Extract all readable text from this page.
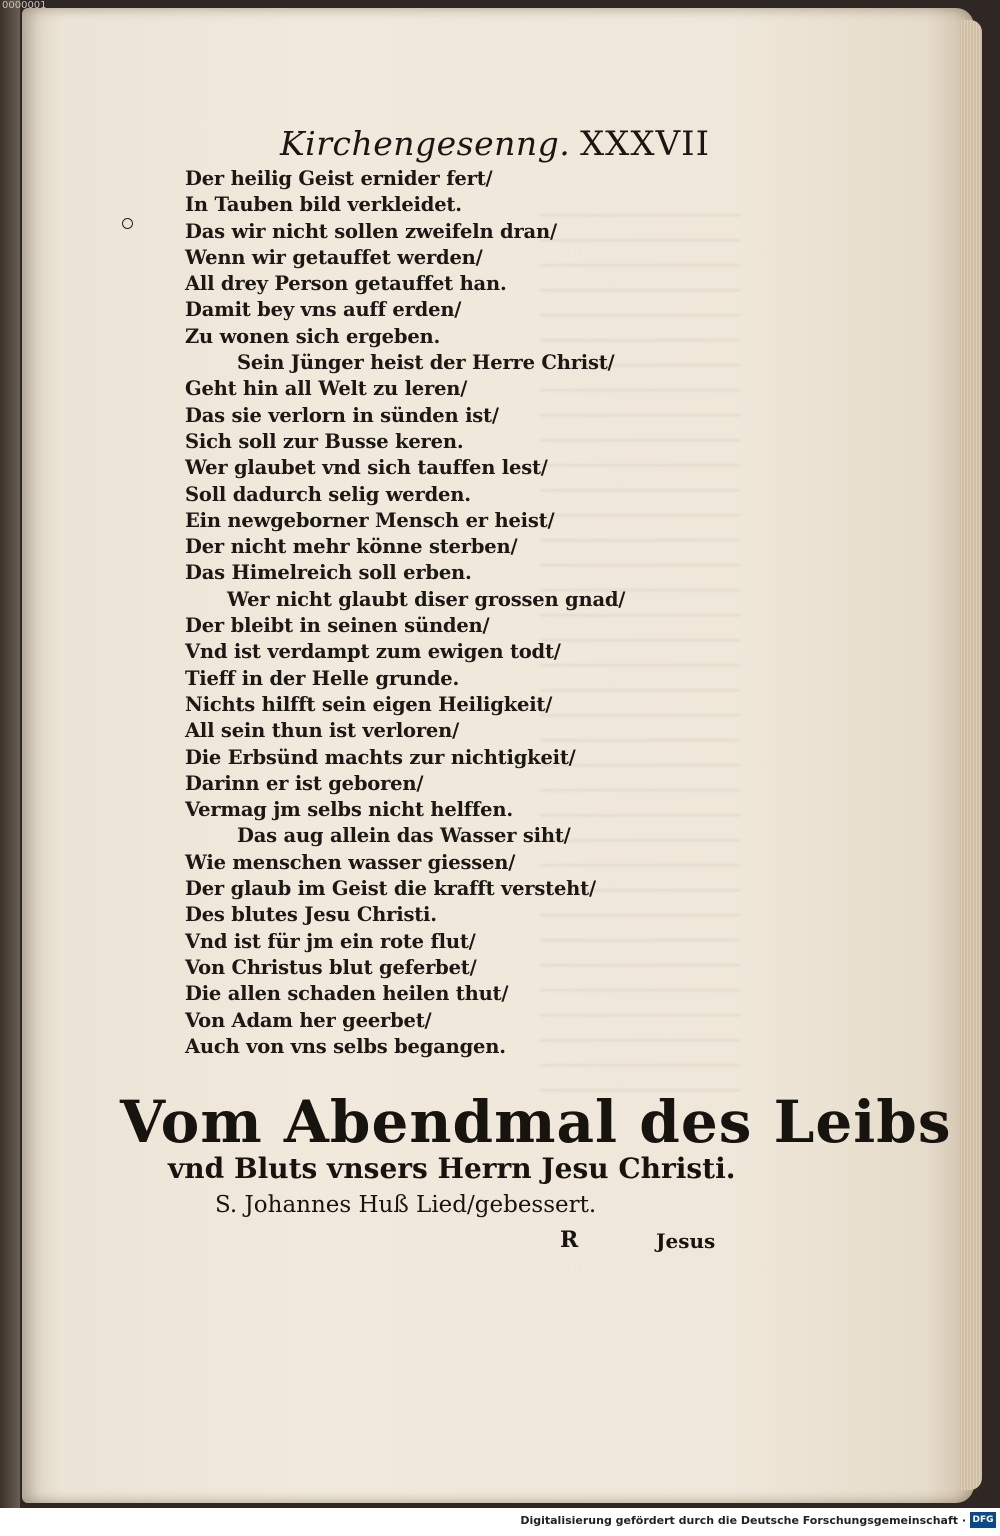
0000001
Kirchengesenng. XXXVII
Der heilig Geist ernider fert/
In Tauben bild verkleidet.
Das wir nicht sollen zweifeln dran/
Wenn wir getauffet werden/
All drey Person getauffet han.
Damit bey vns auff erden/
Zu wonen sich ergeben.
Sein Jünger heist der Herre Christ/
Geht hin all Welt zu leren/
Das sie verlorn in sünden ist/
Sich soll zur Busse keren.
Wer glaubet vnd sich tauffen lest/
Soll dadurch selig werden.
Ein newgeborner Mensch er heist/
Der nicht mehr könne sterben/
Das Himelreich soll erben.
Wer nicht glaubt diser grossen gnad/
Der bleibt in seinen sünden/
Vnd ist verdampt zum ewigen todt/
Tieff in der Helle grunde.
Nichts hilfft sein eigen Heiligkeit/
All sein thun ist verloren/
Die Erbsünd machts zur nichtigkeit/
Darinn er ist geboren/
Vermag jm selbs nicht helffen.
Das aug allein das Wasser siht/
Wie menschen wasser giessen/
Der glaub im Geist die krafft versteht/
Des blutes Jesu Christi.
Vnd ist für jm ein rote flut/
Von Christus blut geferbet/
Die allen schaden heilen thut/
Von Adam her geerbet/
Auch von vns selbs begangen.
Vom Abendmal des Leibs
vnd Bluts vnsers Herrn Jesu Christi.
S. Johannes Huß Lied/gebessert.
R	Jesus
Digitalisierung gefördert durch die Deutsche Forschungsgemeinschaft · DFG
